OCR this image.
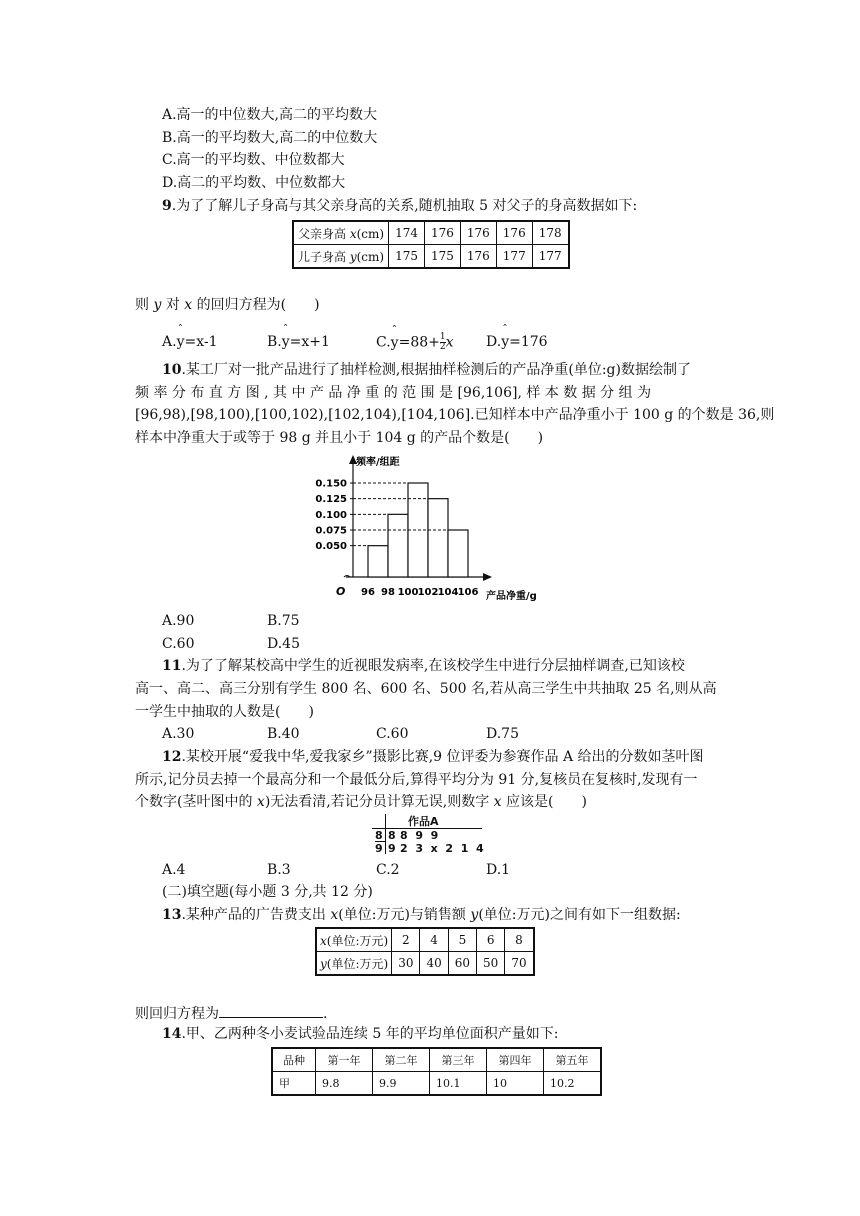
A.高一的中位数大,高二的平均数大
B.高一的平均数大,高二的中位数大
C.高一的平均数、中位数都大
D.高二的平均数、中位数都大
9.为了了解儿子身高与其父亲身高的关系,随机抽取 5 对父子的身高数据如下:
父亲身高 x(cm)	174	176	176	176	178
儿子身高 y(cm)	175	175	176	177	177
则 y 对 x 的回归方程为(　　)
A.ˆ y=x-1	B.ˆ y=x+1	C.ˆ $y=88+ \frac{1}{2}$ x D.ˆ y=176
10.某工厂对一批产品进行了抽样检测,根据抽样检测后的产品净重(单位:g)数据绘制了
频 率 分 布 直 方 图 , 其 中 产 品 净 重 的 范 围 是 [96,106], 样 本 数 据 分 组 为
[96,98),[98,100),[100,102),[102,104),[104,106].已知样本中产品净重小于 100 g 的个数是 36,则
样本中净重大于或等于 98 g 并且小于 104 g 的产品个数是(　　)
频率/组距
产品净重/g
O
0.050
0.075
0.100
0.125
0.150
96 98 100 102 104 106
A.90	B.75
C.60	D.45
11.为了了解某校高中学生的近视眼发病率,在该校学生中进行分层抽样调查,已知该校
高一、高二、高三分别有学生 800 名、600 名、500 名,若从高三学生中共抽取 25 名,则从高
一学生中抽取的人数是(　　)
A.30	B.40	C.60	D.75
12.某校开展“爱我中华,爱我家乡”摄影比赛,9 位评委为参赛作品 A 给出的分数如茎叶图
所示,记分员去掉一个最高分和一个最低分后,算得平均分为 91 分,复核员在复核时,发现有一
个数字(茎叶图中的 x)无法看清,若记分员计算无误,则数字 x 应该是(　　)
作品A
8 8 8  9  9
9 9 2  3  x  2  1  4
A.4	B.3	C.2	D.1
(二)填空题(每小题 3 分,共 12 分)
13.某种产品的广告费支出 x(单位:万元)与销售额 y(单位:万元)之间有如下一组数据:
x(单位:万元)	2	4	5	6	8
y(单位:万元)	30	40	60	50	70
则回归方程为	.
14.甲、乙两种冬小麦试验品连续 5 年的平均单位面积产量如下:
品种	第一年	第二年	第三年	第四年	第五年
甲	9.8	9.9	10.1	10	10.2
